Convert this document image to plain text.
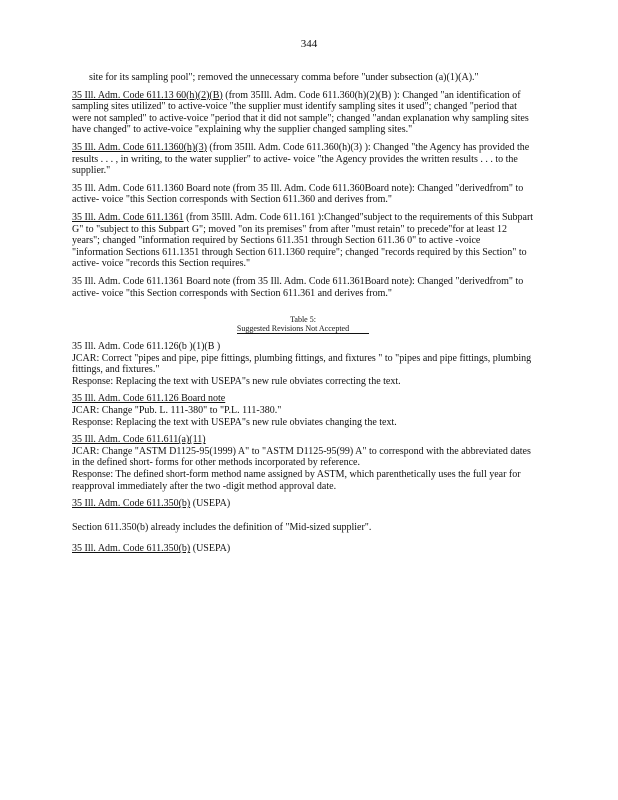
344
site for its sampling pool"; removed the unnecessary comma before "under subsection (a)(1)(A)."
35 Ill. Adm. Code 611.13 60(h)(2)(B) (from 35Ill. Adm. Code 611.360(h)(2)(B) ): Changed "an identification of sampling sites utilized" to active-voice "the supplier must identify sampling sites it used"; changed "period that were not sampled" to active-voice "period that it did not sample"; changed "andan explanation why sampling sites have changed" to active-voice "explaining why the supplier changed sampling sites."
35 Ill. Adm. Code 611.1360(h)(3) (from 35Ill. Adm. Code 611.360(h)(3) ): Changed "the Agency has provided the results . . . , in writing, to the water supplier" to active- voice "the Agency provides the written results . . . to the supplier."
35 Ill. Adm. Code 611.1360 Board note (from 35 Ill. Adm. Code 611.360Board note): Changed "derivedfrom" to active- voice "this Section corresponds with Section 611.360 and derives from."
35 Ill. Adm. Code 611.1361 (from 35Ill. Adm. Code 611.161 ):Changed"subject to the requirements of this Subpart G" to "subject to this Subpart G"; moved "on its premises" from after "must retain" to precede"for at least 12 years"; changed "information required by Sections 611.351 through Section 611.36 0" to active -voice "information Sections 611.1351 through Section 611.1360 require"; changed "records required by this Section" to active- voice "records this Section requires."
35 Ill. Adm. Code 611.1361 Board note (from 35 Ill. Adm. Code 611.361Board note): Changed "derivedfrom" to active- voice "this Section corresponds with Section 611.361 and derives from."
Table 5:
Suggested Revisions Not Accepted
35 Ill. Adm. Code 611.126(b )(1)(B )
JCAR: Correct "pipes and pipe, pipe fittings, plumbing fittings, and fixtures " to "pipes and pipe fittings, plumbing fittings, and fixtures."
Response: Replacing the text with USEPA"s new rule obviates correcting the text.
35 Ill. Adm. Code 611.126 Board note
JCAR: Change "Pub. L. 111-380" to "P.L. 111-380."
Response: Replacing the text with USEPA"s new rule obviates changing the text.
35 Ill. Adm. Code 611.611(a)(11)
JCAR: Change "ASTM D1125-95(1999) A" to "ASTM D1125-95(99) A" to correspond with the abbreviated dates in the defined short- forms for other methods incorporated by reference.
Response: The defined short-form method name assigned by ASTM, which parenthetically uses the full year for reapproval immediately after the two -digit method approval date.
35 Ill. Adm. Code 611.350(b) (USEPA)
Section 611.350(b) already includes the definition of "Mid-sized supplier".
35 Ill. Adm. Code 611.350(b) (USEPA)
